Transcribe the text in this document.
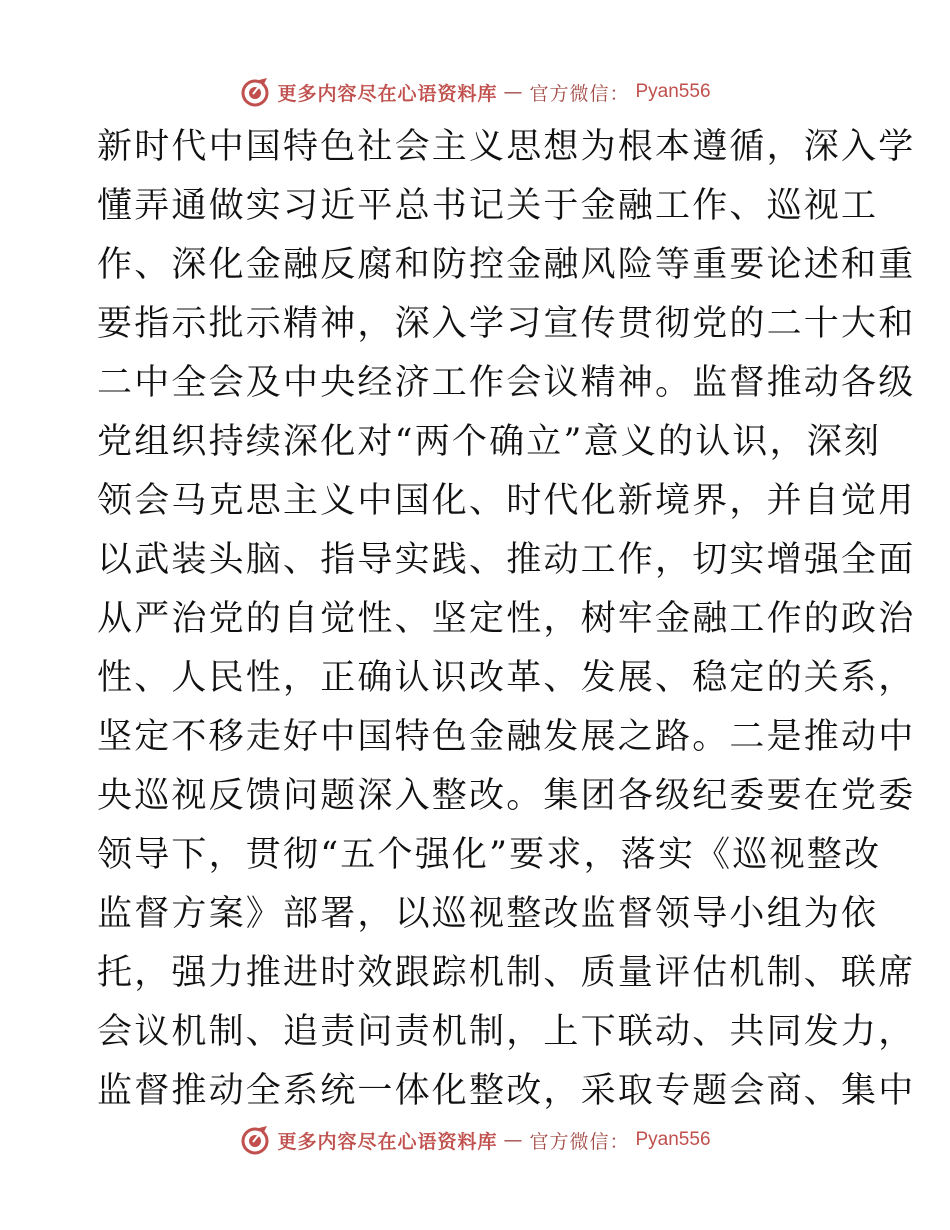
更多内容尽在心语资料库 — 官方微信： Pyan556
新时代中国特色社会主义思想为根本遵循，深入学
懂弄通做实习近平总书记关于金融工作、巡视工
作、深化金融反腐和防控金融风险等重要论述和重
要指示批示精神，深入学习宣传贯彻党的二十大和
二中全会及中央经济工作会议精神。监督推动各级
党组织持续深化对“两个确立”意义的认识，深刻
领会马克思主义中国化、时代化新境界，并自觉用
以武装头脑、指导实践、推动工作，切实增强全面
从严治党的自觉性、坚定性，树牢金融工作的政治
性、人民性，正确认识改革、发展、稳定的关系，
坚定不移走好中国特色金融发展之路。二是推动中
央巡视反馈问题深入整改。集团各级纪委要在党委
领导下，贯彻“五个强化”要求，落实《巡视整改
监督方案》部署，以巡视整改监督领导小组为依
托，强力推进时效跟踪机制、质量评估机制、联席
会议机制、追责问责机制，上下联动、共同发力，
监督推动全系统一体化整改，采取专题会商、集中
更多内容尽在心语资料库 — 官方微信： Pyan556
